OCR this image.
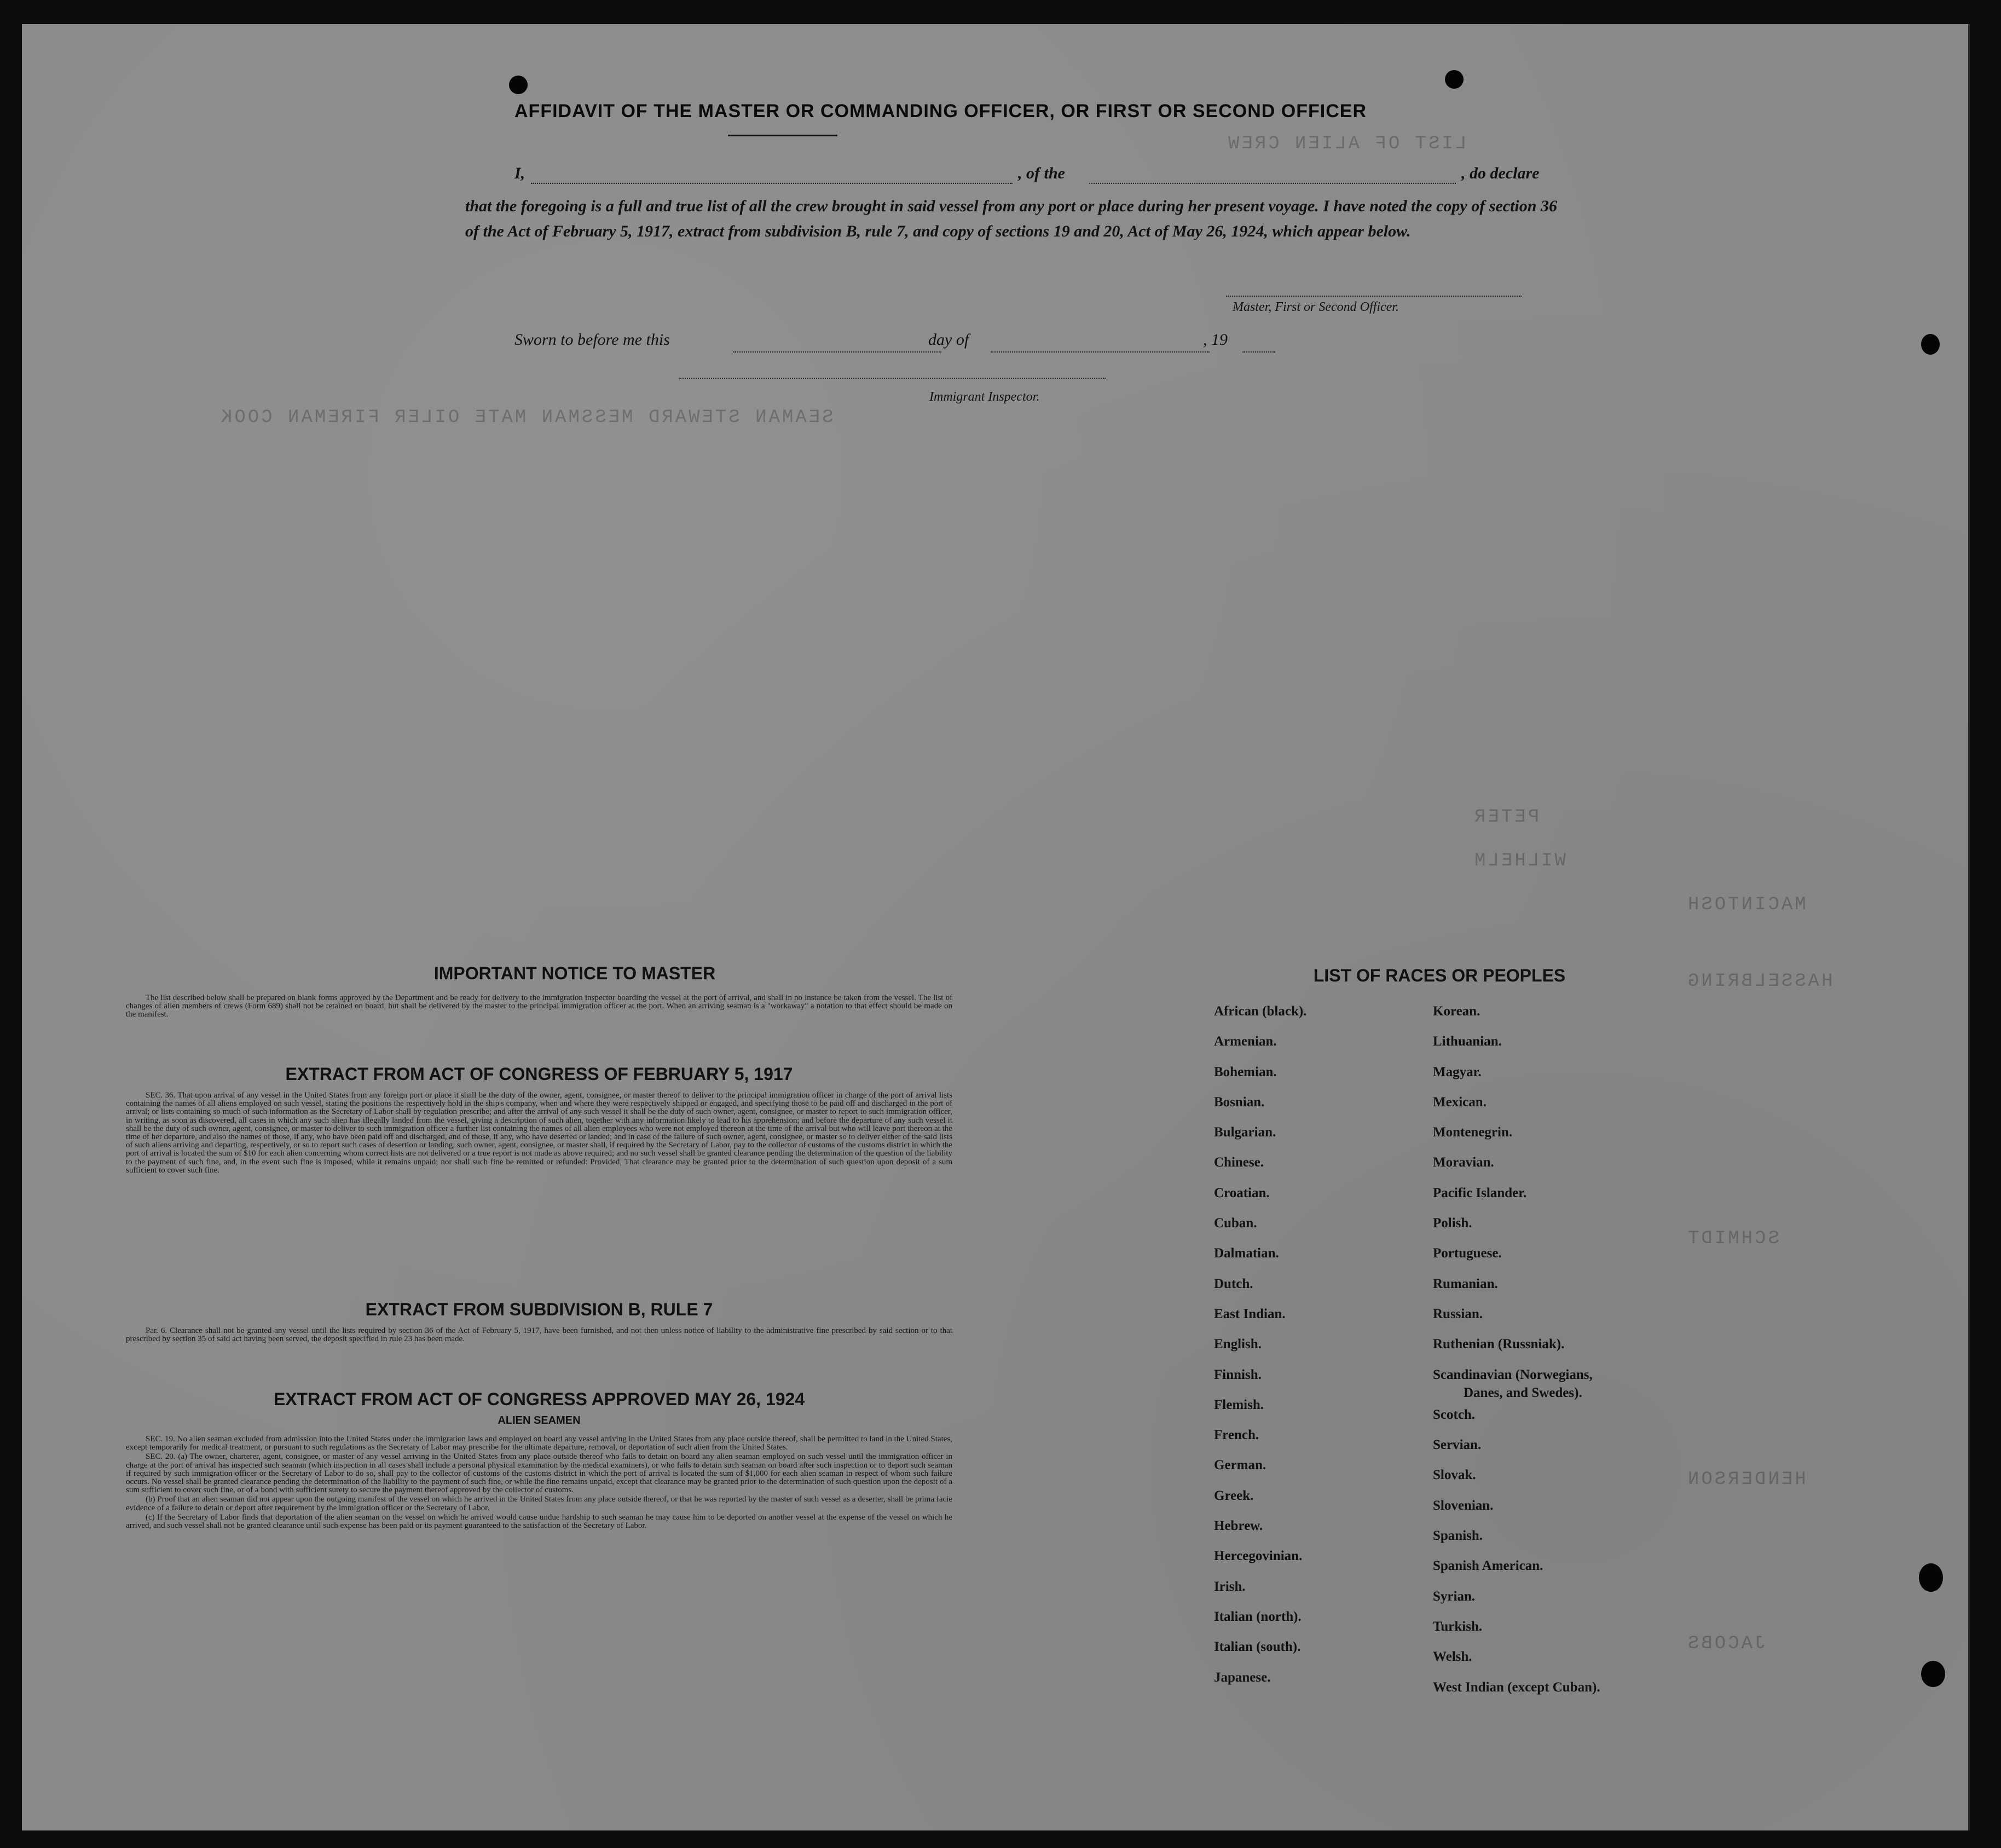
LIST OF ALIEN CREW
SEAMAN STEWARD MESSMAN MATE OILER FIREMAN COOK
PETER
WILHELM
MACINTOSH
HASSELBRING
SCHMIDT
HENDERSON
JACOBS
AFFIDAVIT OF THE MASTER OR COMMANDING OFFICER, OR FIRST OR SECOND OFFICER
I,	, of the	, do declare
that the foregoing is a full and true list of all the crew brought in said vessel from any port or place during her present voyage. I have noted the copy of section 36 of the Act of February 5, 1917, extract from subdivision B, rule 7, and copy of sections 19 and 20, Act of May 26, 1924, which appear below.
Master, First or Second Officer.
Sworn to before me this	day of	, 19
Immigrant Inspector.
IMPORTANT NOTICE TO MASTER

The list described below shall be prepared on blank forms approved by the Department and be ready for delivery to the immigration inspector boarding the vessel at the port of arrival, and shall in no instance be taken from the vessel. The list of changes of alien members of crews (Form 689) shall not be retained on board, but shall be delivered by the master to the principal immigration officer at the port. When an arriving seaman is a "workaway" a notation to that effect should be made on the manifest.

EXTRACT FROM ACT OF CONGRESS OF FEBRUARY 5, 1917

SEC. 36. That upon arrival of any vessel in the United States from any foreign port or place it shall be the duty of the owner, agent, consignee, or master thereof to deliver to the principal immigration officer in charge of the port of arrival lists containing the names of all aliens employed on such vessel, stating the positions the respectively hold in the ship's company, when and where they were respectively shipped or engaged, and specifying those to be paid off and discharged in the port of arrival; or lists containing so much of such information as the Secretary of Labor shall by regulation prescribe; and after the arrival of any such vessel it shall be the duty of such owner, agent, consignee, or master to report to such immigration officer, in writing, as soon as discovered, all cases in which any such alien has illegally landed from the vessel, giving a description of such alien, together with any information likely to lead to his apprehension; and before the departure of any such vessel it shall be the duty of such owner, agent, consignee, or master to deliver to such immigration officer a further list containing the names of all alien employees who were not employed thereon at the time of the arrival but who will leave port thereon at the time of her departure, and also the names of those, if any, who have been paid off and discharged, and of those, if any, who have deserted or landed; and in case of the failure of such owner, agent, consignee, or master so to deliver either of the said lists of such aliens arriving and departing, respectively, or so to report such cases of desertion or landing, such owner, agent, consignee, or master shall, if required by the Secretary of Labor, pay to the collector of customs of the customs district in which the port of arrival is located the sum of $10 for each alien concerning whom correct lists are not delivered or a true report is not made as above required; and no such vessel shall be granted clearance pending the determination of the question of the liability to the payment of such fine, and, in the event such fine is imposed, while it remains unpaid; nor shall such fine be remitted or refunded: Provided, That clearance may be granted prior to the determination of such question upon deposit of a sum sufficient to cover such fine.

EXTRACT FROM SUBDIVISION B, RULE 7

Par. 6. Clearance shall not be granted any vessel until the lists required by section 36 of the Act of February 5, 1917, have been furnished, and not then unless notice of liability to the administrative fine prescribed by said section or to that prescribed by section 35 of said act having been served, the deposit specified in rule 23 has been made.

EXTRACT FROM ACT OF CONGRESS APPROVED MAY 26, 1924
ALIEN SEAMEN

SEC. 19. No alien seaman excluded from admission into the United States under the immigration laws and employed on board any vessel arriving in the United States from any place outside thereof, shall be permitted to land in the United States, except temporarily for medical treatment, or pursuant to such regulations as the Secretary of Labor may prescribe for the ultimate departure, removal, or deportation of such alien from the United States.

SEC. 20. (a) The owner, charterer, agent, consignee, or master of any vessel arriving in the United States from any place outside thereof who fails to detain on board any alien seaman employed on such vessel until the immigration officer in charge at the port of arrival has inspected such seaman (which inspection in all cases shall include a personal physical examination by the medical examiners), or who fails to detain such seaman on board after such inspection or to deport such seaman if required by such immigration officer or the Secretary of Labor to do so, shall pay to the collector of customs of the customs district in which the port of arrival is located the sum of $1,000 for each alien seaman in respect of whom such failure occurs. No vessel shall be granted clearance pending the determination of the liability to the payment of such fine, or while the fine remains unpaid, except that clearance may be granted prior to the determination of such question upon the deposit of a sum sufficient to cover such fine, or of a bond with sufficient surety to secure the payment thereof approved by the collector of customs.

(b) Proof that an alien seaman did not appear upon the outgoing manifest of the vessel on which he arrived in the United States from any place outside thereof, or that he was reported by the master of such vessel as a deserter, shall be prima facie evidence of a failure to detain or deport after requirement by the immigration officer or the Secretary of Labor.

(c) If the Secretary of Labor finds that deportation of the alien seaman on the vessel on which he arrived would cause undue hardship to such seaman he may cause him to be deported on another vessel at the expense of the vessel on which he arrived, and such vessel shall not be granted clearance until such expense has been paid or its payment guaranteed to the satisfaction of the Secretary of Labor.

LIST OF RACES OR PEOPLES
African (black).
Armenian.
Bohemian.
Bosnian.
Bulgarian.
Chinese.
Croatian.
Cuban.
Dalmatian.
Dutch.
East Indian.
English.
Finnish.
Flemish.
French.
German.
Greek.
Hebrew.
Hercegovinian.
Irish.
Italian (north).
Italian (south).
Japanese.
Korean.
Lithuanian.
Magyar.
Mexican.
Montenegrin.
Moravian.
Pacific Islander.
Polish.
Portuguese.
Rumanian.
Russian.
Ruthenian (Russniak).
Scandinavian (Norwegians,
Danes, and Swedes).
Scotch.
Servian.
Slovak.
Slovenian.
Spanish.
Spanish American.
Syrian.
Turkish.
Welsh.
West Indian (except Cuban).
